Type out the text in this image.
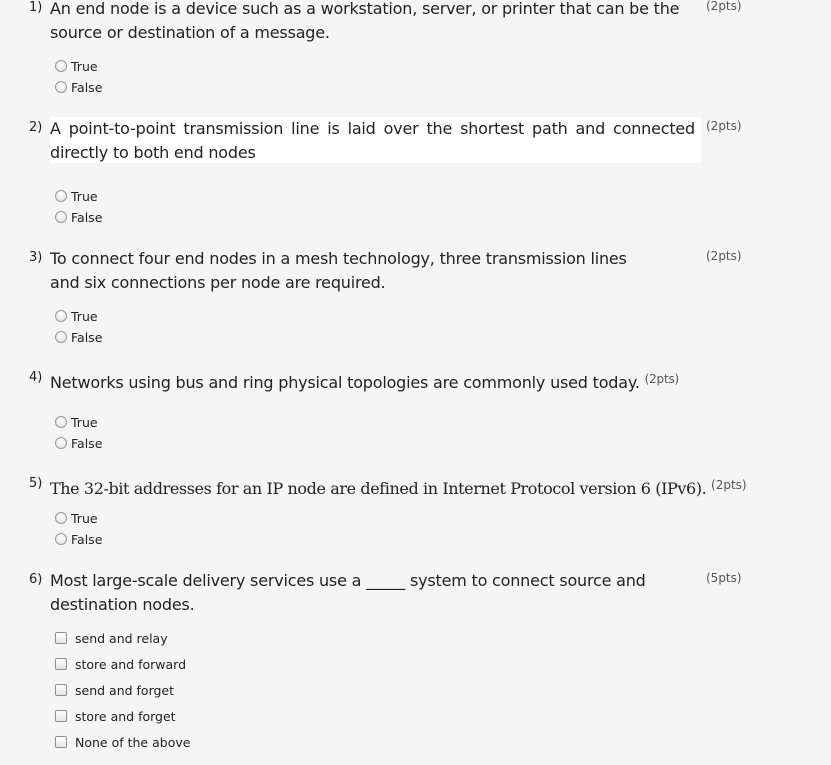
1) An end node is a device such as a workstation, server, or printer that can be the source or destination of a message.
(2pts)
True
False
2) A point-to-point transmission line is laid over the shortest path and connected directly to both end nodes
(2pts)
True
False
3) To connect four end nodes in a mesh technology, three transmission lines and six connections per node are required.
(2pts)
True
False
4) Networks using bus and ring physical topologies are commonly used today. $^{(2pts)}$
True
False
5) The 32-bit addresses for an IP node are defined in Internet Protocol version 6 (IPv6). $^{(2pts)}$
True
False
6) Most large-scale delivery services use a _____ system to connect source and destination nodes.
(5pts)
send and relay
store and forward
send and forget
store and forget
None of the above
